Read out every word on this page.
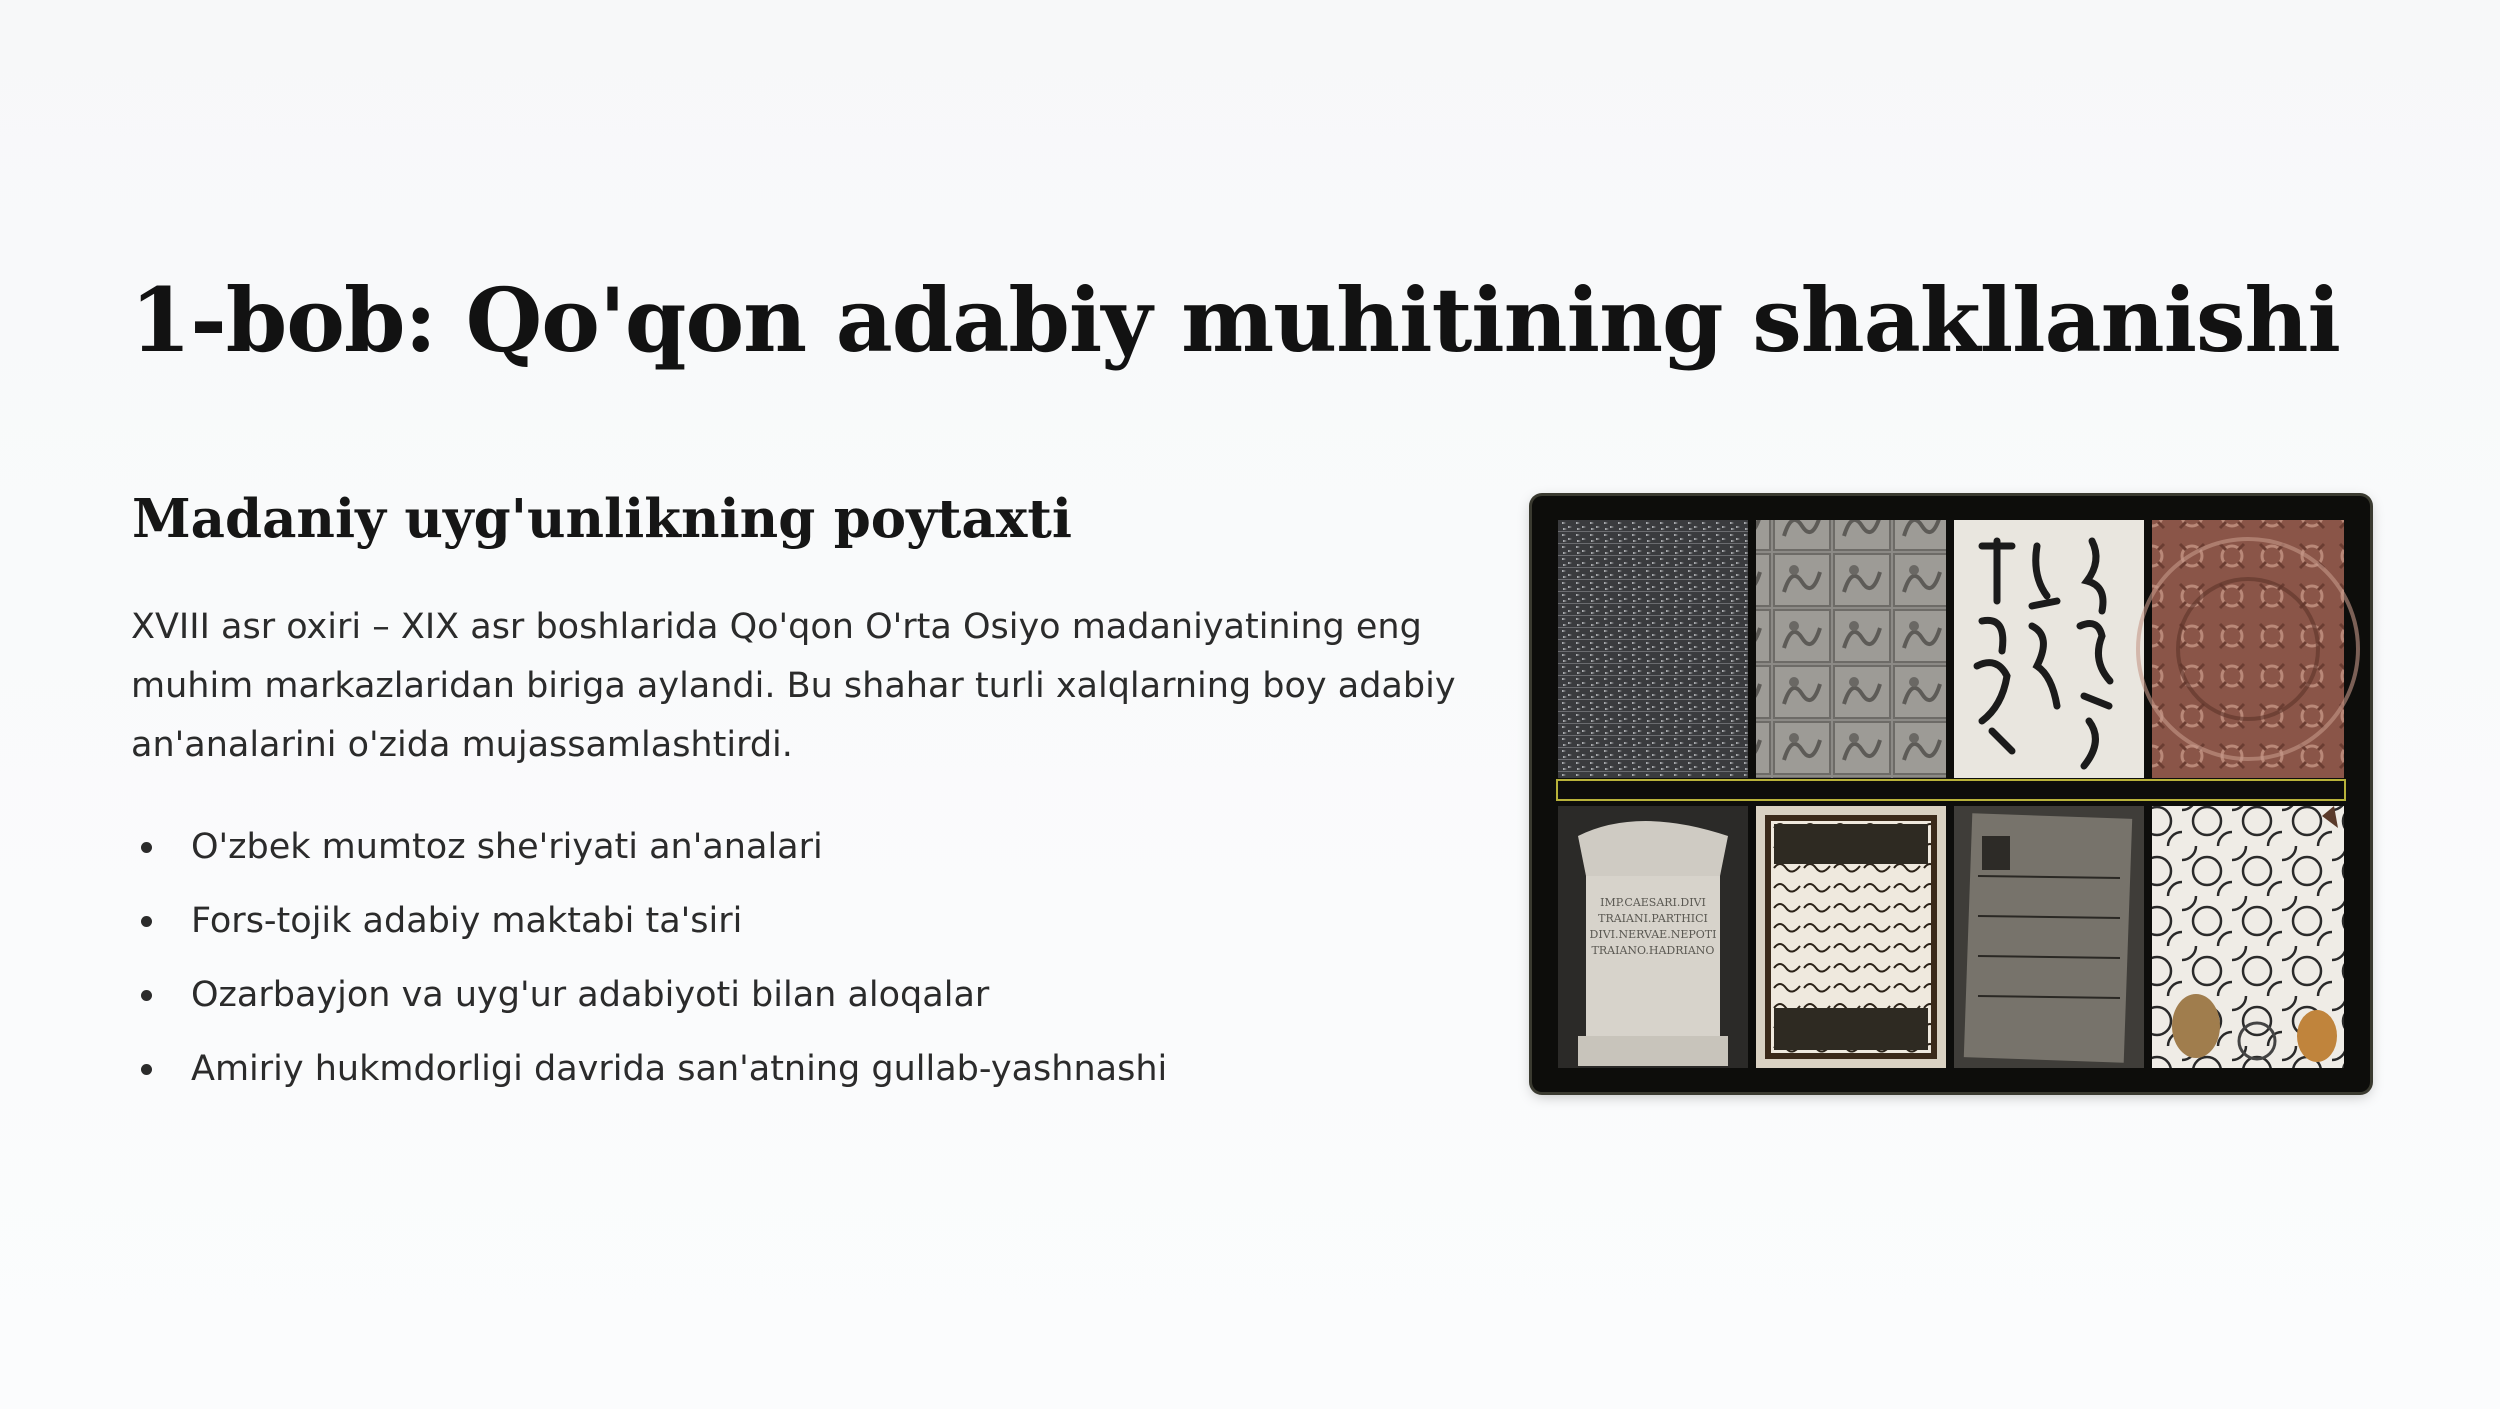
1-bob: Qo'qon adabiy muhitining shakllanishi
Madaniy uyg'unlikning poytaxti

XVIII asr oxiri – XIX asr boshlarida Qo'qon O'rta Osiyo madaniyatining eng muhim markazlaridan biriga aylandi. Bu shahar turli xalqlarning boy adabiy an'analarini o'zida mujassamlashtirdi.

O'zbek mumtoz she'riyati an'analari
Fors-tojik adabiy maktabi ta'siri
Ozarbayjon va uyg'ur adabiyoti bilan aloqalar
Amiriy hukmdorligi davrida san'atning gullab-yashnashi
IMP.CAESARI.DIVI
TRAIANI.PARTHICI
DIVI.NERVAE.NEPOTI
TRAIANO.HADRIANO
